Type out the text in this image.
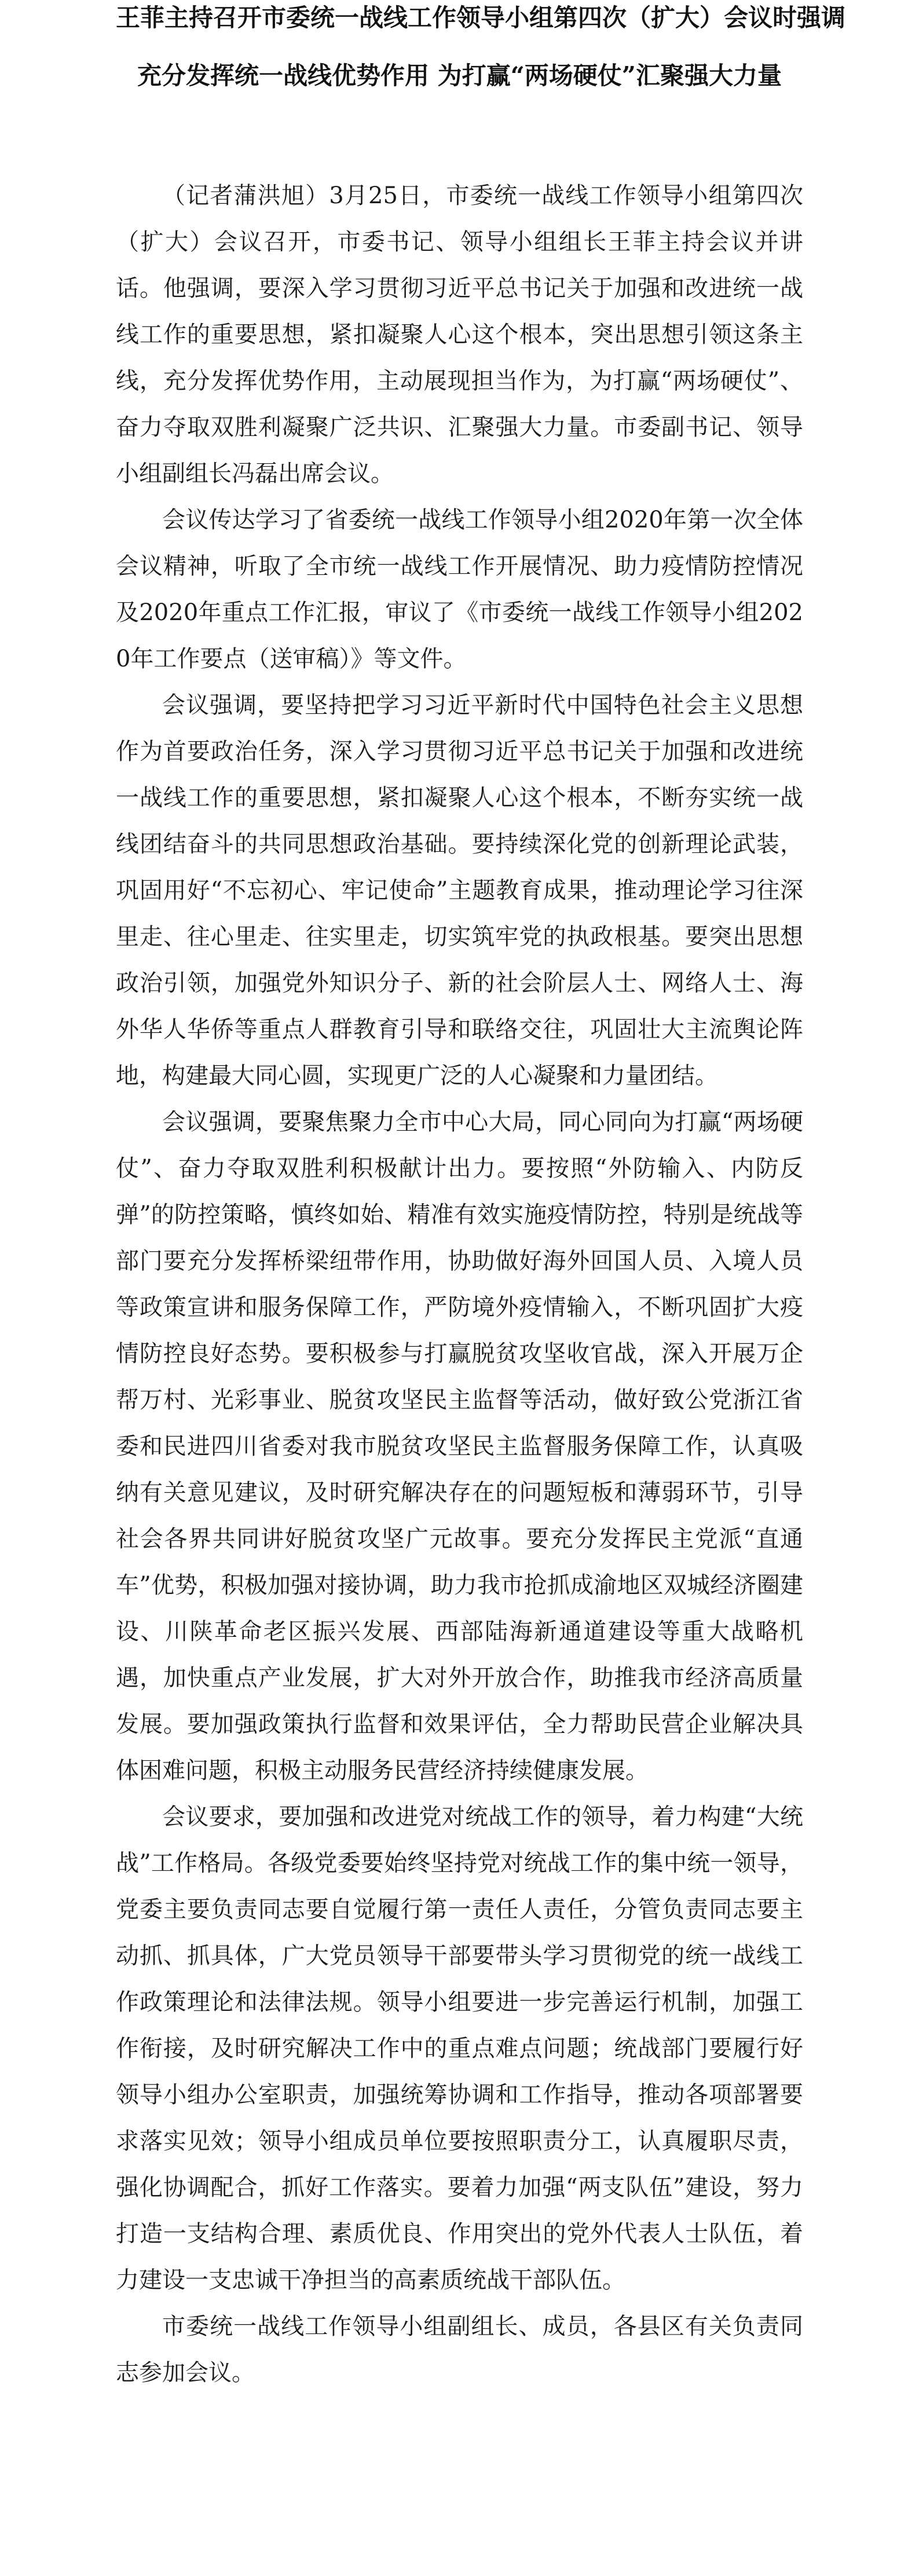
王菲主持召开市委统一战线工作领导小组第四次（扩大）会议时强调
充分发挥统一战线优势作用 为打赢“两场硬仗”汇聚强大力量

（记者蒲洪旭）3月25日，市委统一战线工作领导小组第四次（扩大）会议召开，市委书记、领导小组组长王菲主持会议并讲话。他强调，要深入学习贯彻习近平总书记关于加强和改进统一战线工作的重要思想，紧扣凝聚人心这个根本，突出思想引领这条主线，充分发挥优势作用，主动展现担当作为，为打赢“两场硬仗”、奋力夺取双胜利凝聚广泛共识、汇聚强大力量。市委副书记、领导小组副组长冯磊出席会议。

会议传达学习了省委统一战线工作领导小组2020年第一次全体会议精神，听取了全市统一战线工作开展情况、助力疫情防控情况及2020年重点工作汇报，审议了《市委统一战线工作领导小组2020年工作要点（送审稿）》等文件。

会议强调，要坚持把学习习近平新时代中国特色社会主义思想作为首要政治任务，深入学习贯彻习近平总书记关于加强和改进统一战线工作的重要思想，紧扣凝聚人心这个根本，不断夯实统一战线团结奋斗的共同思想政治基础。要持续深化党的创新理论武装，巩固用好“不忘初心、牢记使命”主题教育成果，推动理论学习往深里走、往心里走、往实里走，切实筑牢党的执政根基。要突出思想政治引领，加强党外知识分子、新的社会阶层人士、网络人士、海外华人华侨等重点人群教育引导和联络交往，巩固壮大主流舆论阵地，构建最大同心圆，实现更广泛的人心凝聚和力量团结。

会议强调，要聚焦聚力全市中心大局，同心同向为打赢“两场硬仗”、奋力夺取双胜利积极献计出力。要按照“外防输入、内防反弹”的防控策略，慎终如始、精准有效实施疫情防控，特别是统战等部门要充分发挥桥梁纽带作用，协助做好海外回国人员、入境人员等政策宣讲和服务保障工作，严防境外疫情输入，不断巩固扩大疫情防控良好态势。要积极参与打赢脱贫攻坚收官战，深入开展万企帮万村、光彩事业、脱贫攻坚民主监督等活动，做好致公党浙江省委和民进四川省委对我市脱贫攻坚民主监督服务保障工作，认真吸纳有关意见建议，及时研究解决存在的问题短板和薄弱环节，引导社会各界共同讲好脱贫攻坚广元故事。要充分发挥民主党派“直通车”优势，积极加强对接协调，助力我市抢抓成渝地区双城经济圈建设、川陕革命老区振兴发展、西部陆海新通道建设等重大战略机遇，加快重点产业发展，扩大对外开放合作，助推我市经济高质量发展。要加强政策执行监督和效果评估，全力帮助民营企业解决具体困难问题，积极主动服务民营经济持续健康发展。

会议要求，要加强和改进党对统战工作的领导，着力构建“大统战”工作格局。各级党委要始终坚持党对统战工作的集中统一领导，党委主要负责同志要自觉履行第一责任人责任，分管负责同志要主动抓、抓具体，广大党员领导干部要带头学习贯彻党的统一战线工作政策理论和法律法规。领导小组要进一步完善运行机制，加强工作衔接，及时研究解决工作中的重点难点问题；统战部门要履行好领导小组办公室职责，加强统筹协调和工作指导，推动各项部署要求落实见效；领导小组成员单位要按照职责分工，认真履职尽责，强化协调配合，抓好工作落实。要着力加强“两支队伍”建设，努力打造一支结构合理、素质优良、作用突出的党外代表人士队伍，着力建设一支忠诚干净担当的高素质统战干部队伍。

市委统一战线工作领导小组副组长、成员，各县区有关负责同志参加会议。
